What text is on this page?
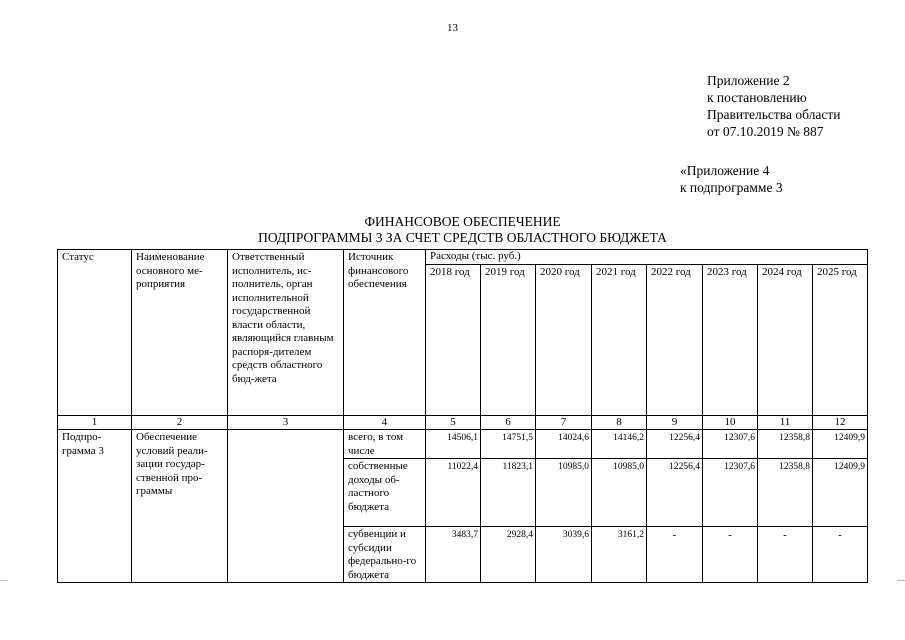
13
Приложение 2
к постановлению
Правительства области
от 07.10.2019 № 887
«Приложение 4
к подпрограмме 3
ФИНАНСОВОЕ ОБЕСПЕЧЕНИЕ
ПОДПРОГРАММЫ 3 ЗА СЧЕТ СРЕДСТВ ОБЛАСТНОГО БЮДЖЕТА
Статус	Наименование основного ме-роприятия	Ответственный исполнитель, ис-полнитель, орган исполнительной государственной власти области, являющийся главным распоря-дителем средств областного бюд-жета	Источник финансового обеспечения	Расходы (тыс. руб.)							
				2018 год	2019 год	2020 год	2021 год	2022 год	2023 год	2024 год	2025 год
1	2	3	4	5	6	7	8	9	10	11	12
Подпро-грамма 3	Обеспечение условий реали-зации государ-ственной про-граммы		всего, в том числе	14506,1	14751,5	14024,6	14146,2	12256,4	12307,6	12358,8	12409,9
			собственные доходы об-ластного бюджета	11022,4	11823,1	10985,0	10985,0	12256,4	12307,6	12358,8	12409,9
			субвенции и субсидии федерально-го бюджета	3483,7	2928,4	3039,6	3161,2	-	-	-	-
